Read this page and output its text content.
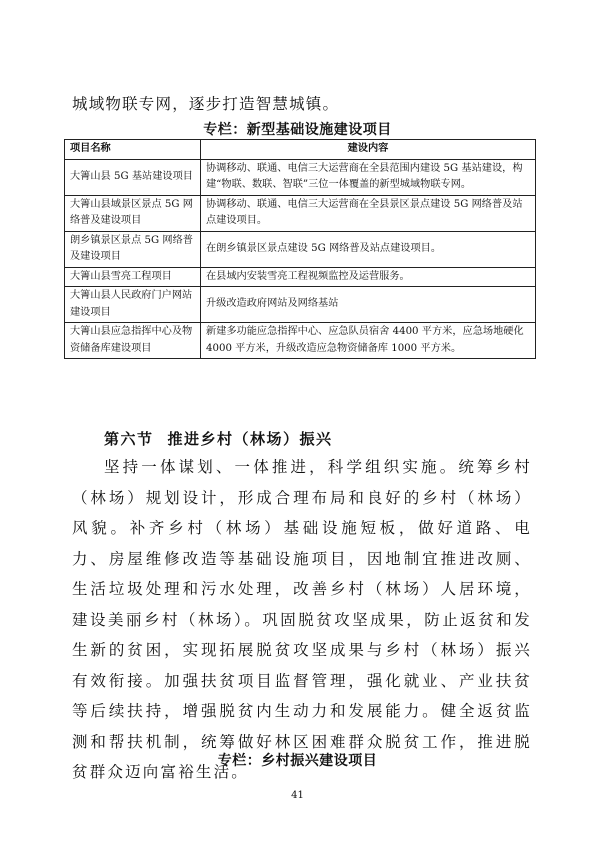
城域物联专网，逐步打造智慧城镇。
专栏：新型基础设施建设项目
项目名称	建设内容
大箐山县 5G 基站建设项目	协调移动、联通、电信三大运营商在全县范围内建设 5G 基站建设，构建“物联、数联、智联”三位一体覆盖的新型城域物联专网。
大箐山县域景区景点 5G 网络普及建设项目	协调移动、联通、电信三大运营商在全县景区景点建设 5G 网络普及站点建设项目。
朗乡镇景区景点 5G 网络普及建设项目	在朗乡镇景区景点建设 5G 网络普及站点建设项目。
大箐山县雪亮工程项目	在县域内安装雪亮工程视频监控及运营服务。
大箐山县人民政府门户网站建设项目	升级改造政府网站及网络基站
大箐山县应急指挥中心及物资储备库建设项目	新建多功能应急指挥中心、应急队员宿舍 4400 平方米，应急场地硬化 4000 平方米，升级改造应急物资储备库 1000 平方米。
第六节 推进乡村（林场）振兴

坚持一体谋划、一体推进，科学组织实施。统筹乡村（林场）规划设计，形成合理布局和良好的乡村（林场）风貌。补齐乡村（林场）基础设施短板，做好道路、电力、房屋维修改造等基础设施项目，因地制宜推进改厕、生活垃圾处理和污水处理，改善乡村（林场）人居环境，建设美丽乡村（林场）。巩固脱贫攻坚成果，防止返贫和发生新的贫困，实现拓展脱贫攻坚成果与乡村（林场）振兴有效衔接。加强扶贫项目监督管理，强化就业、产业扶贫等后续扶持，增强脱贫内生动力和发展能力。健全返贫监测和帮扶机制，统筹做好林区困难群众脱贫工作，推进脱贫群众迈向富裕生活。

专栏：乡村振兴建设项目
41
